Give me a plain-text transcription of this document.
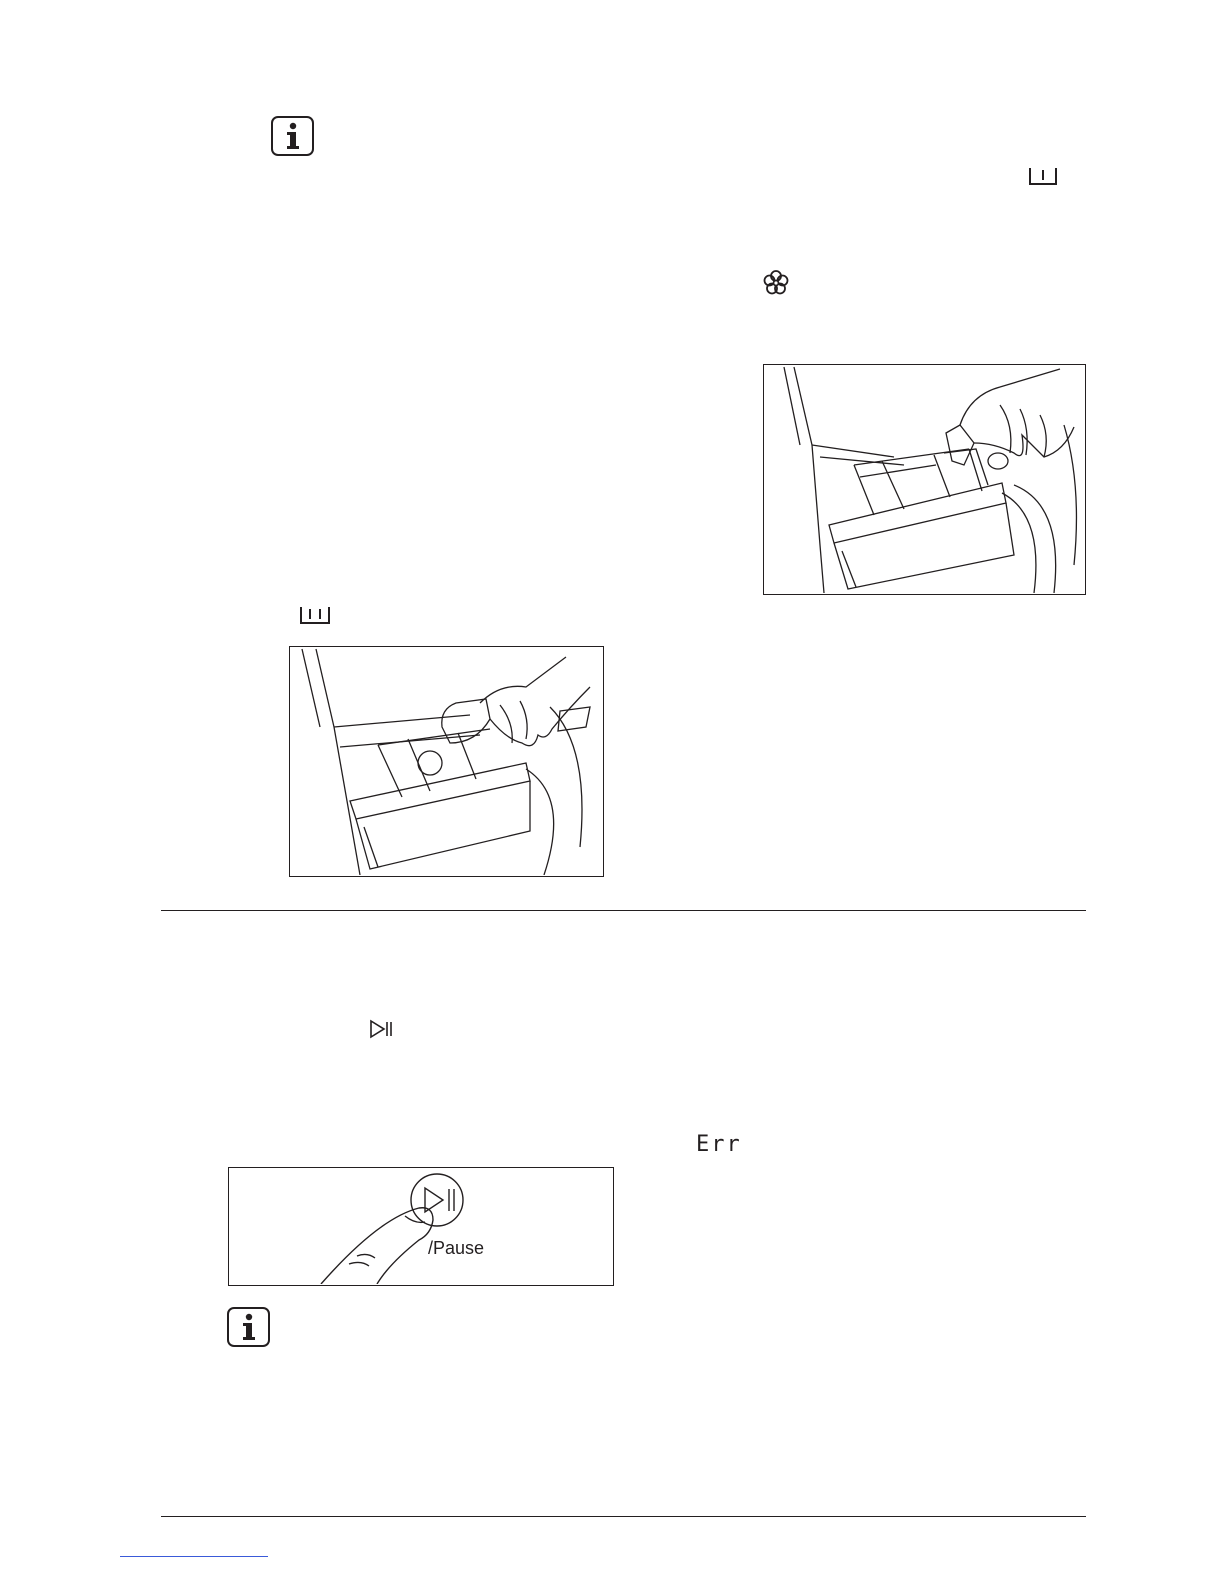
Err
/Pause
